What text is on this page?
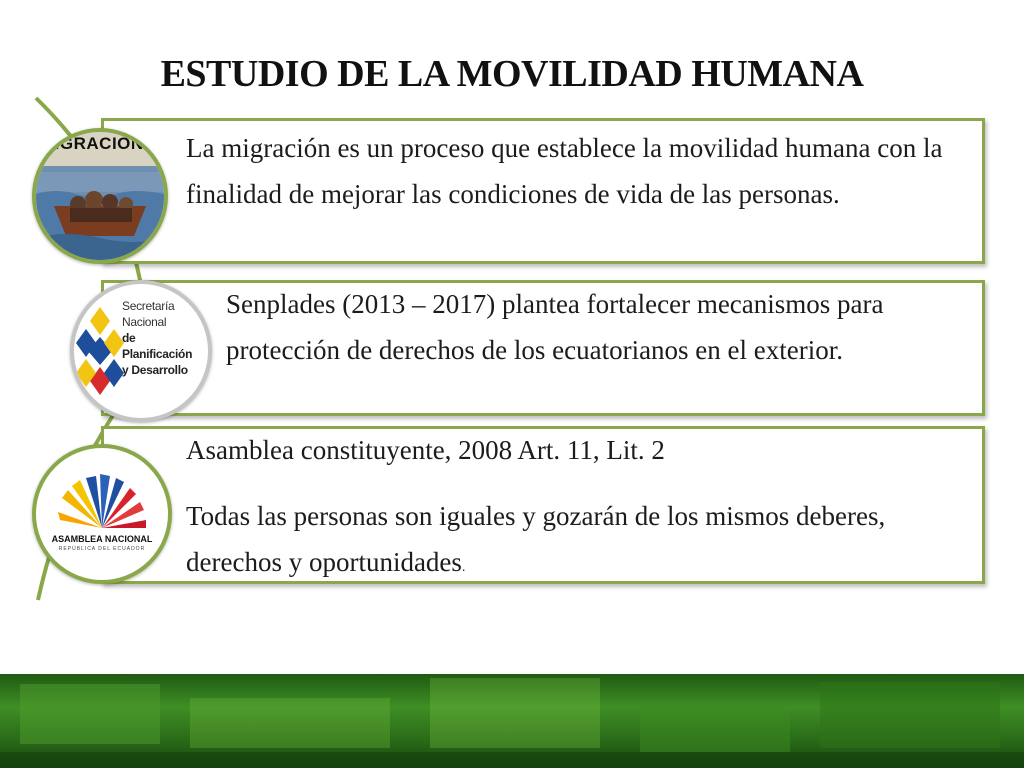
ESTUDIO DE LA MOVILIDAD HUMANA

La migración es un proceso que establece la movilidad humana con la finalidad de mejorar las condiciones de vida de las personas.

Senplades (2013 – 2017) plantea fortalecer mecanismos para protección de derechos de los ecuatorianos en el exterior.

Asamblea constituyente, 2008 Art. 11, Lit. 2

Todas las personas son iguales y gozarán de los mismos deberes, derechos y oportunidades.

MIGRACIÓN
Secretaría Nacional
de Planificación
y Desarrollo
ASAMBLEA NACIONAL
REPÚBLICA DEL ECUADOR
